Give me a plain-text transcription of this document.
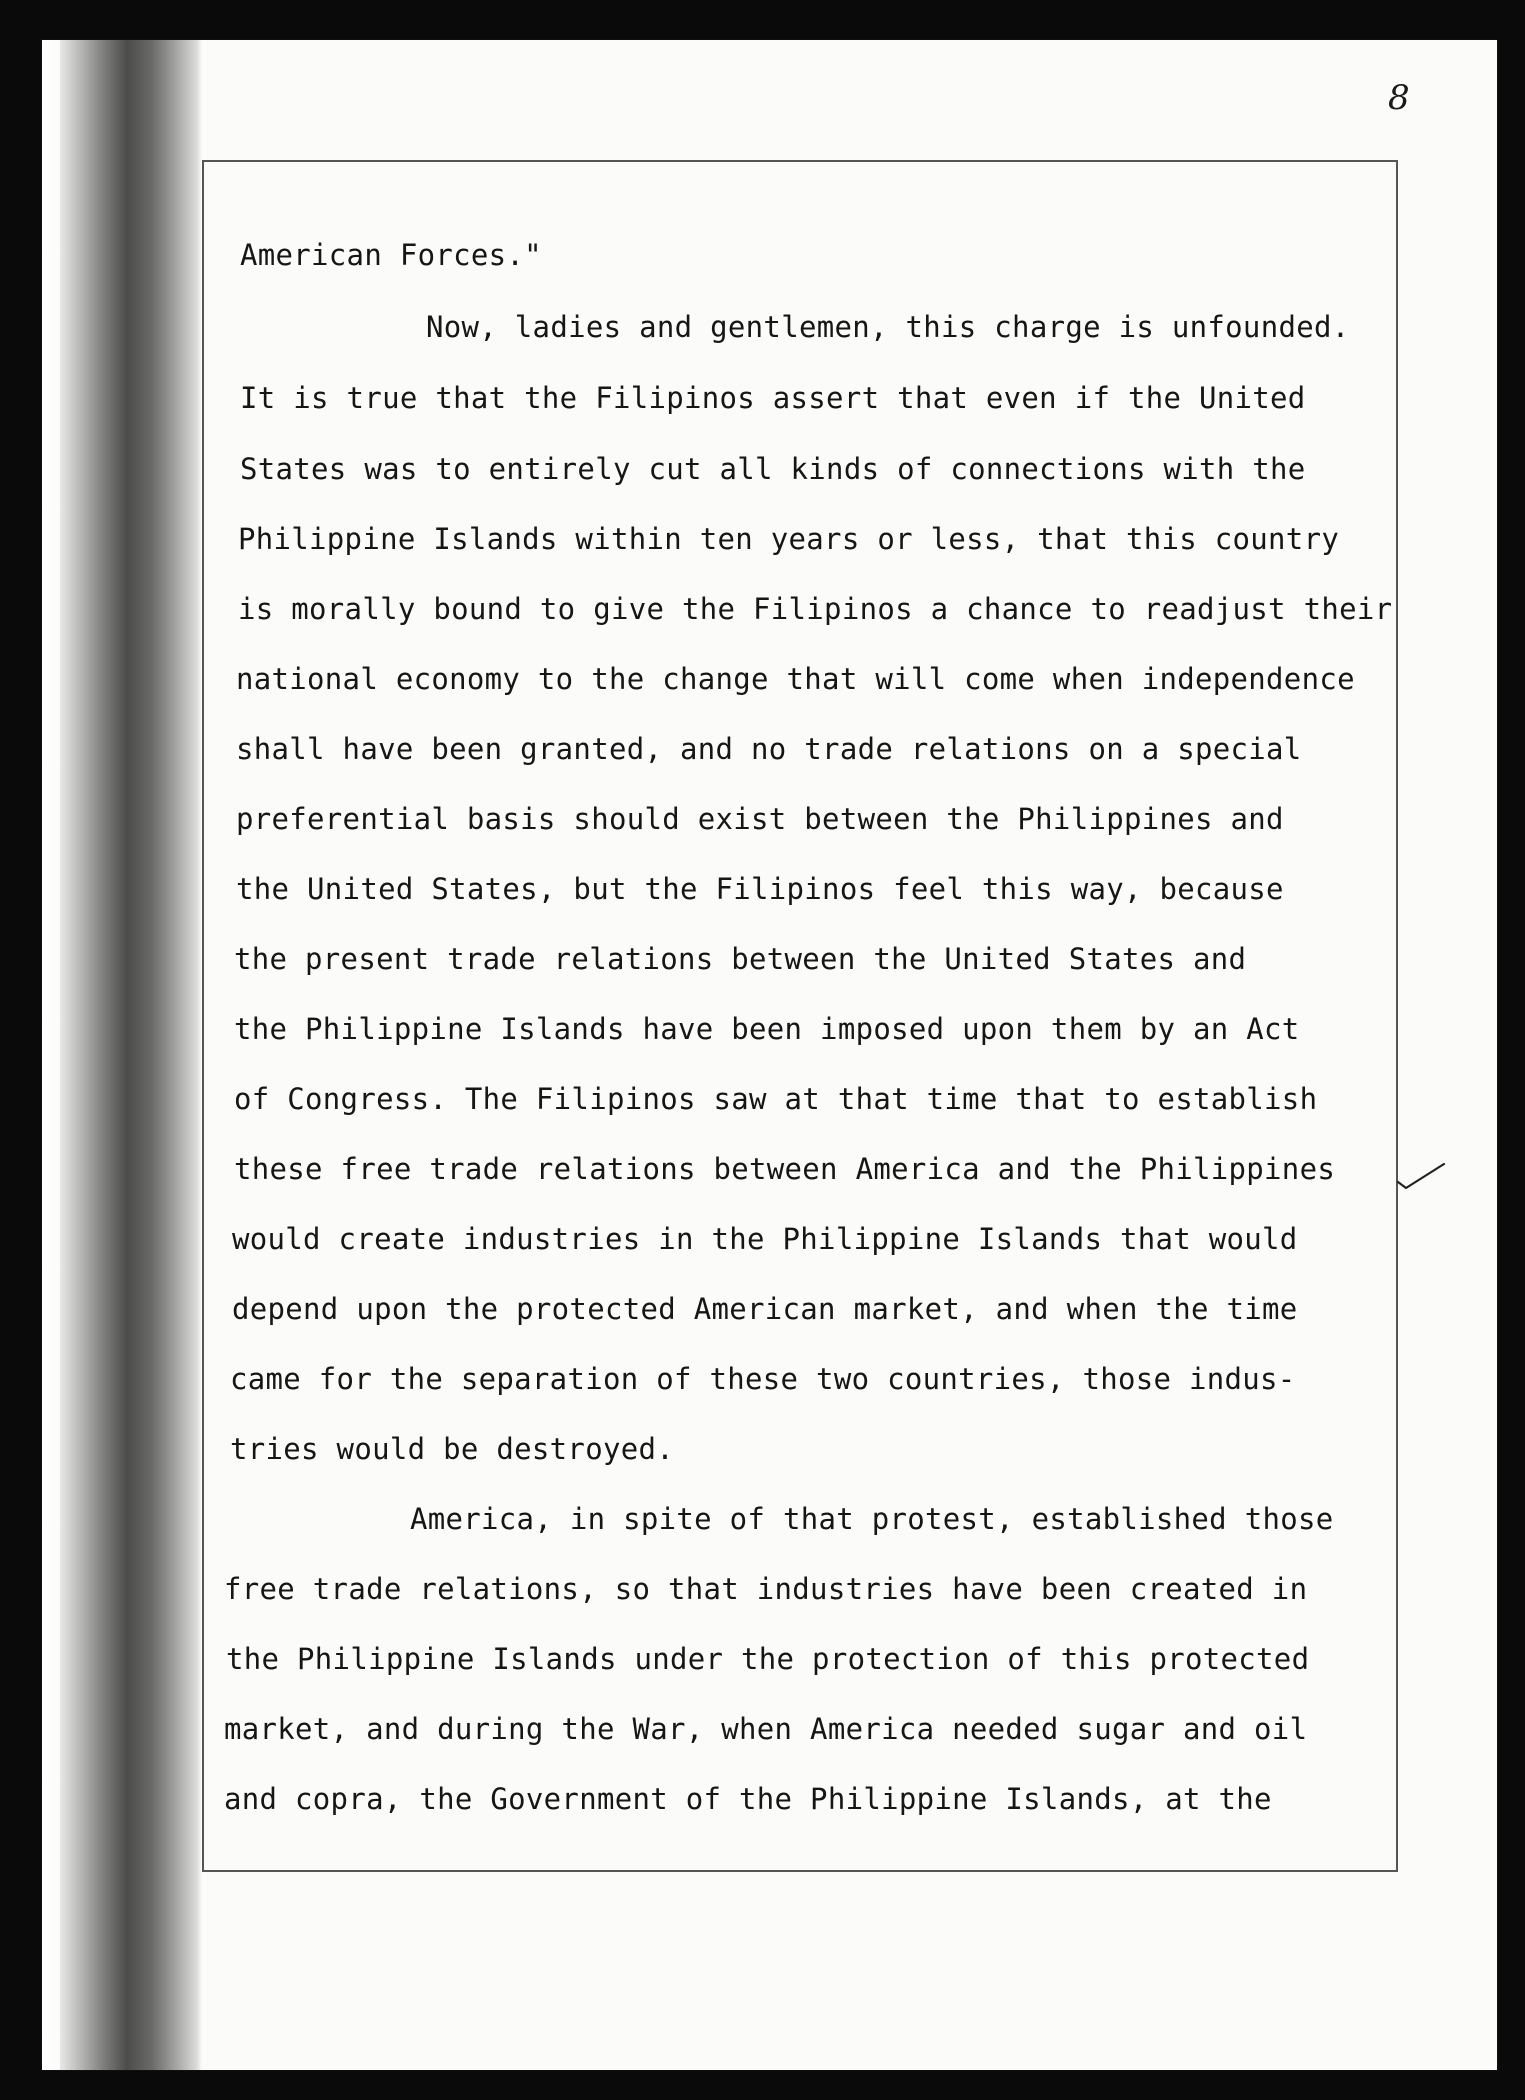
8
American Forces."
Now, ladies and gentlemen, this charge is unfounded.
It is true that the Filipinos assert that even if the United
States was to entirely cut all kinds of connections with the
Philippine Islands within ten years or less, that this country
is morally bound to give the Filipinos a chance to readjust their
national economy to the change that will come when independence
shall have been granted, and no trade relations on a special
preferential basis should exist between the Philippines and
the United States, but the Filipinos feel this way, because
the present trade relations between the United States and
the Philippine Islands have been imposed upon them by an Act
of Congress. The Filipinos saw at that time that to establish
these free trade relations between America and the Philippines
would create industries in the Philippine Islands that would
depend upon the protected American market, and when the time
came for the separation of these two countries, those indus-
tries would be destroyed.
America, in spite of that protest, established those
free trade relations, so that industries have been created in
the Philippine Islands under the protection of this protected
market, and during the War, when America needed sugar and oil
and copra, the Government of the Philippine Islands, at the
